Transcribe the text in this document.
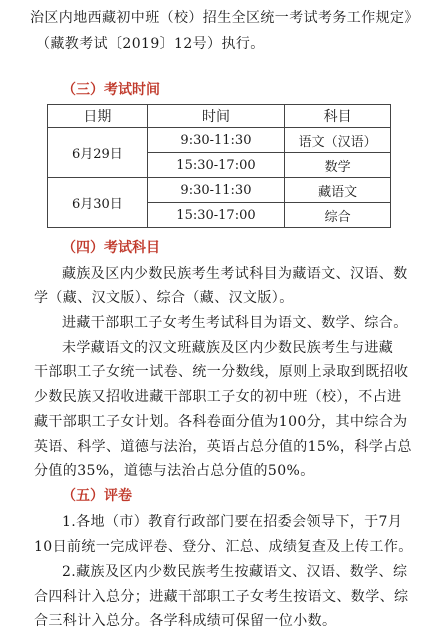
治区内地西藏初中班（校）招生全区统一考试考务工作规定》
（藏教考试〔2019〕12号）执行。
（三）考试时间
日期	时间	科目
6月29日	9:30-11:30	语文（汉语）
	15:30-17:00	数学
6月30日	9:30-11:30	藏语文
	15:30-17:00	综合
（四）考试科目
藏族及区内少数民族考生考试科目为藏语文、汉语、数
学（藏、汉文版）、综合（藏、汉文版）。
进藏干部职工子女考生考试科目为语文、数学、综合。
未学藏语文的汉文班藏族及区内少数民族考生与进藏
干部职工子女统一试卷、统一分数线，原则上录取到既招收
少数民族又招收进藏干部职工子女的初中班（校），不占进
藏干部职工子女计划。各科卷面分值为100分，其中综合为
英语、科学、道德与法治，英语占总分值的15%，科学占总
分值的35%，道德与法治占总分值的50%。
（五）评卷
1.各地（市）教育行政部门要在招委会领导下，于7月
10日前统一完成评卷、登分、汇总、成绩复查及上传工作。
2.藏族及区内少数民族考生按藏语文、汉语、数学、综
合四科计入总分；进藏干部职工子女考生按语文、数学、综
合三科计入总分。各学科成绩可保留一位小数。
